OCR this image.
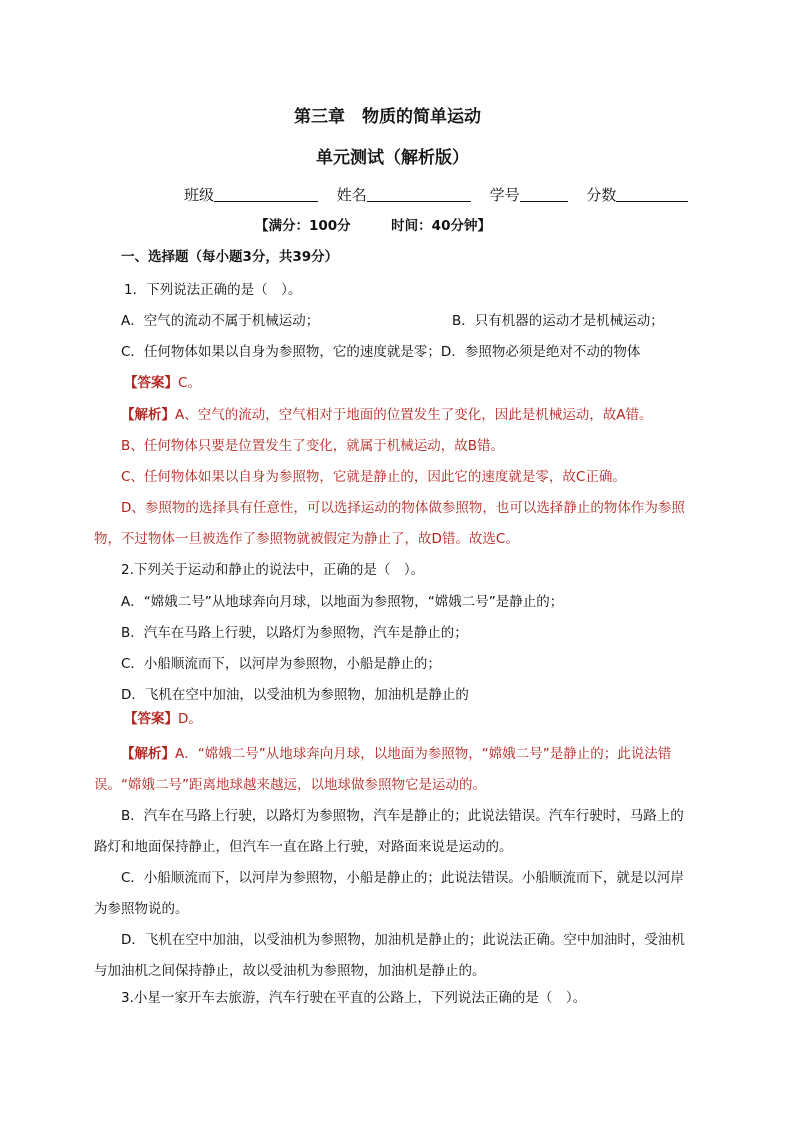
第三章　物质的简单运动
单元测试（解析版）
班级	姓名	学号	分数
【满分：100分　　　时间：40分钟】
一、选择题（每小题3分，共39分）
1．下列说法正确的是（　）。
A．空气的流动不属于机械运动；	B．只有机器的运动才是机械运动；
C．任何物体如果以自身为参照物，它的速度就是零；D．参照物必须是绝对不动的物体
【答案】C。
【解析】A、空气的流动，空气相对于地面的位置发生了变化，因此是机械运动，故A错。
B、任何物体只要是位置发生了变化，就属于机械运动，故B错。
C、任何物体如果以自身为参照物，它就是静止的，因此它的速度就是零，故C正确。
D、参照物的选择具有任意性，可以选择运动的物体做参照物，也可以选择静止的物体作为参照
物，不过物体一旦被选作了参照物就被假定为静止了，故D错。故选C。
2.下列关于运动和静止的说法中，正确的是（　）。
A．“嫦娥二号”从地球奔向月球，以地面为参照物，“嫦娥二号”是静止的；
B．汽车在马路上行驶，以路灯为参照物，汽车是静止的；
C．小船顺流而下，以河岸为参照物，小船是静止的；
D．飞机在空中加油，以受油机为参照物，加油机是静止的
【答案】D。
【解析】A．“嫦娥二号”从地球奔向月球，以地面为参照物，“嫦娥二号”是静止的；此说法错
误。“嫦娥二号”距离地球越来越远，以地球做参照物它是运动的。
B．汽车在马路上行驶，以路灯为参照物，汽车是静止的；此说法错误。汽车行驶时，马路上的
路灯和地面保持静止，但汽车一直在路上行驶，对路面来说是运动的。
C．小船顺流而下，以河岸为参照物，小船是静止的；此说法错误。小船顺流而下，就是以河岸
为参照物说的。
D．飞机在空中加油，以受油机为参照物，加油机是静止的；此说法正确。空中加油时，受油机
与加油机之间保持静止，故以受油机为参照物，加油机是静止的。
3.小星一家开车去旅游，汽车行驶在平直的公路上，下列说法正确的是（　）。
